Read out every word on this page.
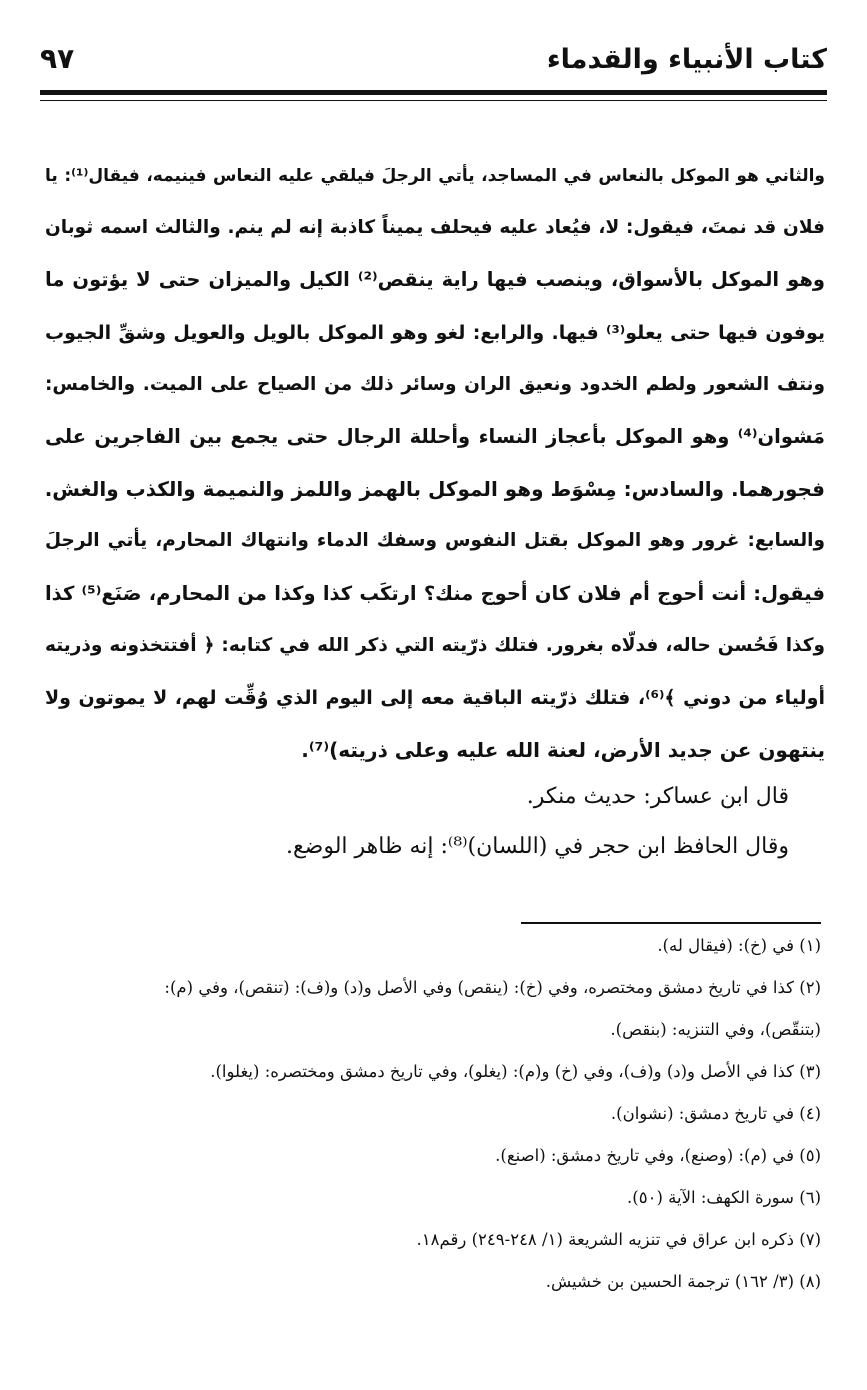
كتاب الأنبياء والقدماء
٩٧
والثاني هو الموكل بالنعاس في المساجد، يأتي الرجلَ فيلقي عليه النعاس فينيمه، فيقال⁽¹⁾: يا
فلان قد نمتَ، فيقول: لا، فيُعاد عليه فيحلف يميناً كاذبة إنه لم ينم. والثالث اسمه ثوبان
وهو الموكل بالأسواق، وينصب فيها راية ينقص⁽²⁾ الكيل والميزان حتى لا يؤتون ما
يوفون فيها حتى يعلو⁽³⁾ فيها. والرابع: لغو وهو الموكل بالويل والعويل وشقِّ الجيوب
ونتف الشعور ولطم الخدود ونعيق الران وسائر ذلك من الصياح على الميت. والخامس:
مَشوان⁽⁴⁾ وهو الموكل بأعجاز النساء وأحللة الرجال حتى يجمع بين الفاجرين على
فجورهما. والسادس: مِسْوَط وهو الموكل بالهمز واللمز والنميمة والكذب والغش.
والسابع: غرور وهو الموكل بقتل النفوس وسفك الدماء وانتهاك المحارم، يأتي الرجلَ
فيقول: أنت أحوج أم فلان كان أحوج منك؟ ارتكَب كذا وكذا من المحارم، صَنَع⁽⁵⁾ كذا
وكذا فَحُسن حاله، فدلّاه بغرور. فتلك ذرّيته التي ذكر الله في كتابه: ﴿ أفتتخذونه وذريته
أولياء من دوني ﴾⁽⁶⁾، فتلك ذرّيته الباقية معه إلى اليوم الذي وُقِّت لهم، لا يموتون ولا
ينتهون عن جديد الأرض، لعنة الله عليه وعلى ذريته)⁽⁷⁾.
قال ابن عساكر: حديث منكر.
وقال الحافظ ابن حجر في (اللسان)⁽⁸⁾: إنه ظاهر الوضع.
(١) في (خ): (فيقال له).
(٢) كذا في تاريخ دمشق ومختصره، وفي (خ): (ينقص) وفي الأصل و(د) و(ف): (تنقص)، وفي (م):
(بتنقّص)، وفي التنزيه: (بنقص).
(٣) كذا في الأصل و(د) و(ف)، وفي (خ) و(م): (يغلو)، وفي تاريخ دمشق ومختصره: (يغلوا).
(٤) في تاريخ دمشق: (نشوان).
(٥) في (م): (وصنع)، وفي تاريخ دمشق: (اصنع).
(٦) سورة الكهف: الآية (٥٠).
(٧) ذكره ابن عراق في تنزيه الشريعة (١/ ٢٤٨-٢٤٩) رقم١٨.
(٨) (٣/ ١٦٢) ترجمة الحسين بن خشيش.
